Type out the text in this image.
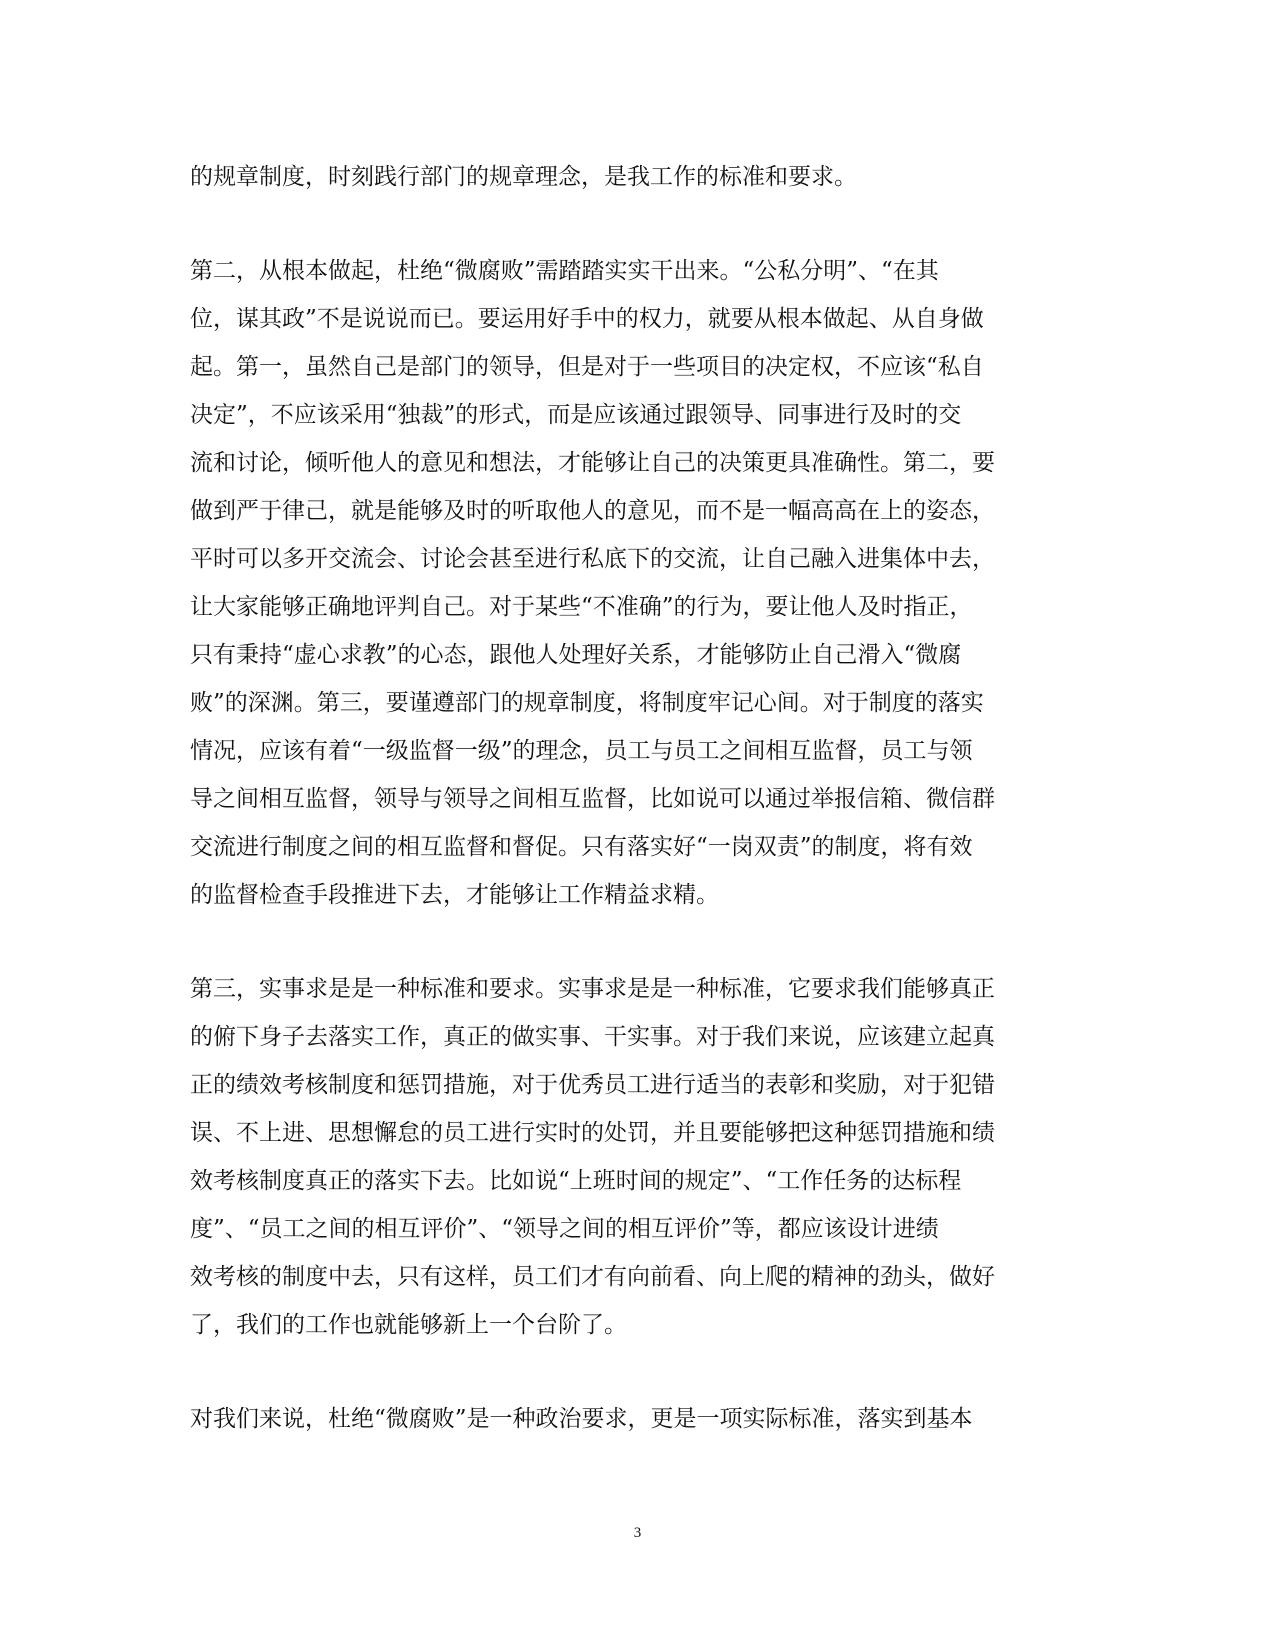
的规章制度，时刻践行部门的规章理念，是我工作的标准和要求。
第二，从根本做起，杜绝“微腐败”需踏踏实实干出来。“公私分明”、“在其
位，谋其政”不是说说而已。要运用好手中的权力，就要从根本做起、从自身做
起。第一，虽然自己是部门的领导，但是对于一些项目的决定权，不应该“私自
决定”，不应该采用“独裁”的形式，而是应该通过跟领导、同事进行及时的交
流和讨论，倾听他人的意见和想法，才能够让自己的决策更具准确性。第二，要
做到严于律己，就是能够及时的听取他人的意见，而不是一幅高高在上的姿态，
平时可以多开交流会、讨论会甚至进行私底下的交流，让自己融入进集体中去，
让大家能够正确地评判自己。对于某些“不准确”的行为，要让他人及时指正，
只有秉持“虚心求教”的心态，跟他人处理好关系，才能够防止自己滑入“微腐
败”的深渊。第三，要谨遵部门的规章制度，将制度牢记心间。对于制度的落实
情况，应该有着“一级监督一级”的理念，员工与员工之间相互监督，员工与领
导之间相互监督，领导与领导之间相互监督，比如说可以通过举报信箱、微信群
交流进行制度之间的相互监督和督促。只有落实好“一岗双责”的制度，将有效
的监督检查手段推进下去，才能够让工作精益求精。
第三，实事求是是一种标准和要求。实事求是是一种标准，它要求我们能够真正
的俯下身子去落实工作，真正的做实事、干实事。对于我们来说，应该建立起真
正的绩效考核制度和惩罚措施，对于优秀员工进行适当的表彰和奖励，对于犯错
误、不上进、思想懈怠的员工进行实时的处罚，并且要能够把这种惩罚措施和绩
效考核制度真正的落实下去。比如说“上班时间的规定”、“工作任务的达标程
度”、“员工之间的相互评价”、“领导之间的相互评价”等，都应该设计进绩
效考核的制度中去，只有这样，员工们才有向前看、向上爬的精神的劲头，做好
了，我们的工作也就能够新上一个台阶了。
对我们来说，杜绝“微腐败”是一种政治要求，更是一项实际标准，落实到基本
3
